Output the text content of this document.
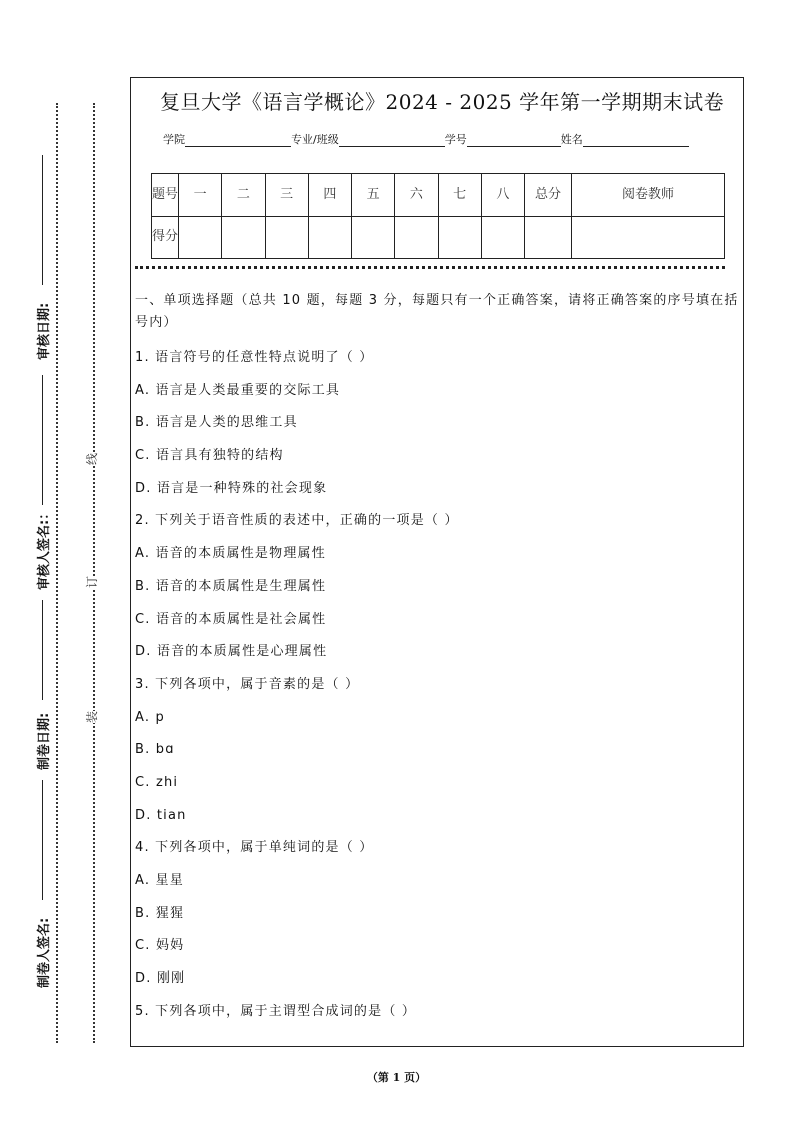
线
订
装
审核日期:
审核人签名:：
制卷日期:
制卷人签名:
复旦大学《语言学概论》2024 - 2025 学年第一学期期末试卷
学院	专业/班级	学号	姓名
题号	一	二	三	四	五	六	七	八	总分	阅卷教师
得分										
一、单项选择题（总共 10 题，每题 3 分，每题只有一个正确答案，请将正确答案的序号填在括号内）
1. 语言符号的任意性特点说明了（ ）
A. 语言是人类最重要的交际工具
B. 语言是人类的思维工具
C. 语言具有独特的结构
D. 语言是一种特殊的社会现象
2. 下列关于语音性质的表述中，正确的一项是（ ）
A. 语音的本质属性是物理属性
B. 语音的本质属性是生理属性
C. 语音的本质属性是社会属性
D. 语音的本质属性是心理属性
3. 下列各项中，属于音素的是（ ）
A. p
B. bɑ
C. zhi
D. tian
4. 下列各项中，属于单纯词的是（ ）
A. 星星
B. 猩猩
C. 妈妈
D. 刚刚
5. 下列各项中，属于主谓型合成词的是（ ）
（第 1 页）
